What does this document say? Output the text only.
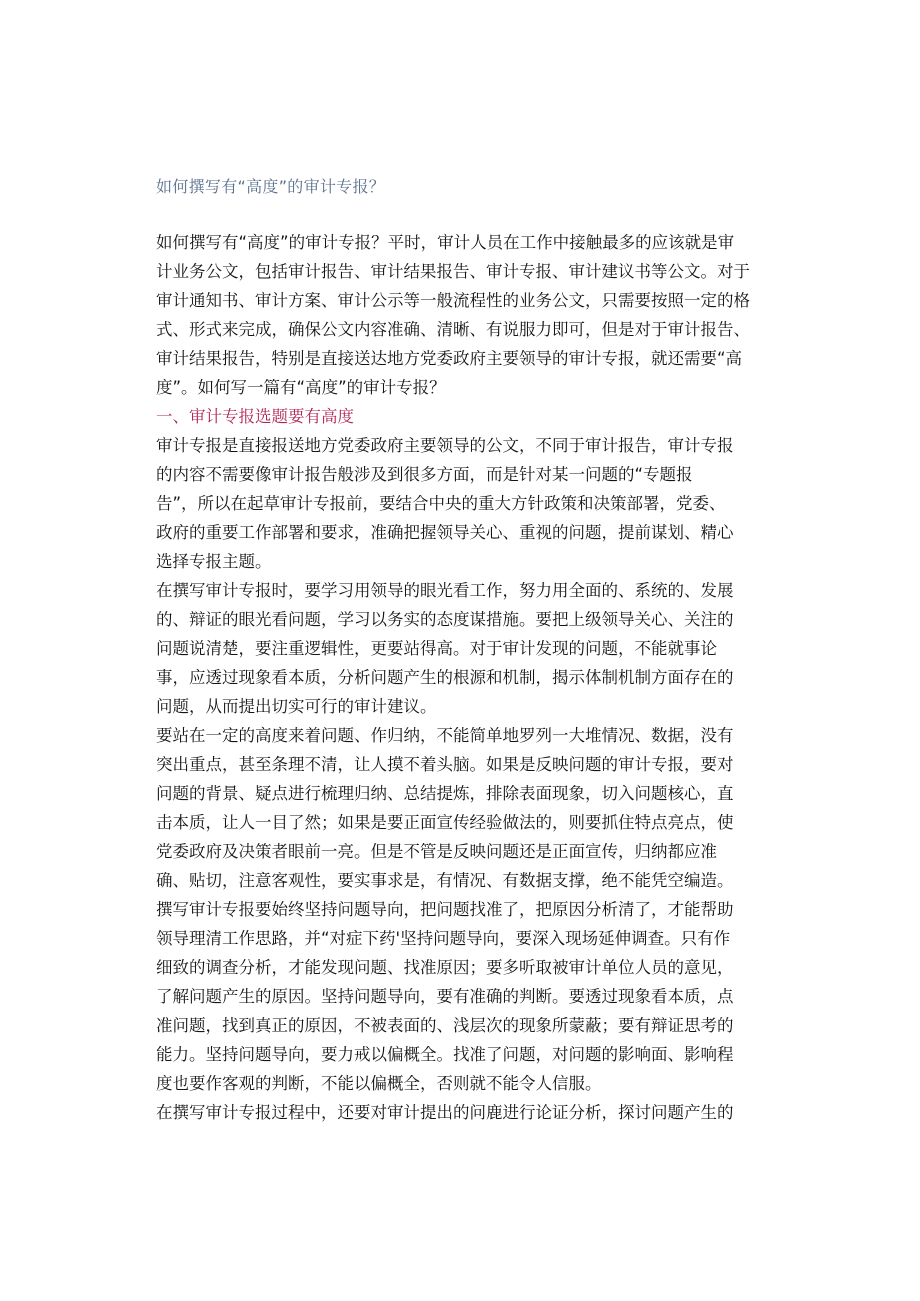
如何撰写有“高度”的审计专报？
如何撰写有“高度”的审计专报？平时，审计人员在工作中接触最多的应该就是审
计业务公文，包括审计报告、审计结果报告、审计专报、审计建议书等公文。对于
审计通知书、审计方案、审计公示等一般流程性的业务公文，只需要按照一定的格
式、形式来完成，确保公文内容准确、清晰、有说服力即可，但是对于审计报告、
审计结果报告，特别是直接送达地方党委政府主要领导的审计专报，就还需要“高
度”。如何写一篇有“高度”的审计专报？
一、审计专报选题要有高度
审计专报是直接报送地方党委政府主要领导的公文，不同于审计报告，审计专报
的内容不需要像审计报告般涉及到很多方面，而是针对某一问题的“专题报
告”，所以在起草审计专报前，要结合中央的重大方针政策和决策部署，党委、
政府的重要工作部署和要求，准确把握领导关心、重视的问题，提前谋划、精心
选择专报主题。
在撰写审计专报时，要学习用领导的眼光看工作，努力用全面的、系统的、发展
的、辩证的眼光看问题，学习以务实的态度谋措施。要把上级领导关心、关注的
问题说清楚，要注重逻辑性，更要站得高。对于审计发现的问题，不能就事论
事，应透过现象看本质，分析问题产生的根源和机制，揭示体制机制方面存在的
问题，从而提出切实可行的审计建议。
要站在一定的高度来着问题、作归纳，不能简单地罗列一大堆情况、数据，没有
突出重点，甚至条理不清，让人摸不着头脑。如果是反映问题的审计专报，要对
问题的背景、疑点进行梳理归纳、总结提炼，排除表面现象，切入问题核心，直
击本质，让人一目了然；如果是要正面宣传经验做法的，则要抓住特点亮点，使
党委政府及决策者眼前一亮。但是不管是反映问题还是正面宣传，归纳都应准
确、贴切，注意客观性，要实事求是，有情况、有数据支撑，绝不能凭空编造。
撰写审计专报要始终坚持问题导向，把问题找准了，把原因分析清了，才能帮助
领导理清工作思路，并“对症下药'坚持问题导向，要深入现场延伸调查。只有作
细致的调查分析，才能发现问题、找准原因；要多听取被审计单位人员的意见，
了解问题产生的原因。坚持问题导向，要有准确的判断。要透过现象看本质，点
准问题，找到真正的原因，不被表面的、浅层次的现象所蒙蔽；要有辩证思考的
能力。坚持问题导向，要力戒以偏概全。找准了问题，对问题的影响面、影响程
度也要作客观的判断，不能以偏概全，否则就不能令人信服。
在撰写审计专报过程中，还要对审计提出的问鹿进行论证分析，探讨问题产生的
